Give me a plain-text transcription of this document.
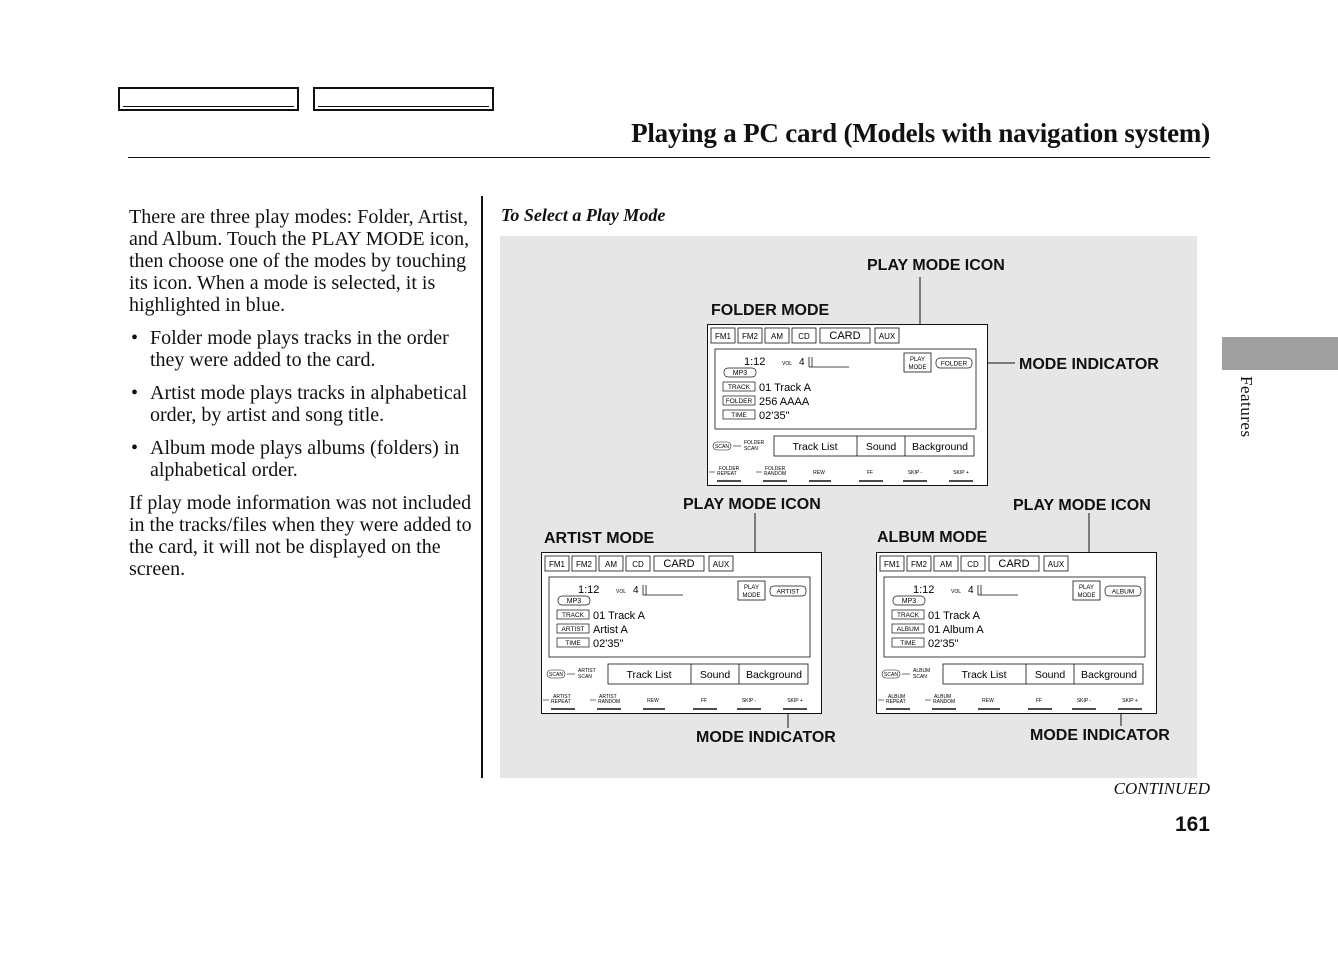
Playing a PC card (Models with navigation system)

There are three play modes: Folder, Artist, and Album. Touch the PLAY MODE icon, then choose one of the modes by touching its icon. When a mode is selected, it is highlighted in blue.

• Folder mode plays tracks in the order they were added to the card.
• Artist mode plays tracks in alphabetical order, by artist and song title.
• Album mode plays albums (folders) in alphabetical order.

If play mode information was not included in the tracks/files when they were added to the card, it will not be displayed on the screen.

To Select a Play Mode
PLAY MODE ICON
FOLDER MODE
MODE INDICATOR
PLAY MODE ICON	PLAY MODE ICON
ARTIST MODE	ALBUM MODE
MODE INDICATOR	MODE INDICATOR
FM1 FM2 AM CD CARD AUX
1:12	VOL 4
MP3
PLAY
MODE
FOLDER
TRACK 01 Track A
FOLDER 256 AAAA
TIME 02'35"
SCAN
FOLDER
SCAN	Track List	Sound Background
FOLDER
REPEAT
FOLDER
RANDOM	REW	FF	SKIP -	SKIP +
FM1 FM2 AM CD CARD AUX
1:12	VOL 4
MP3
PLAY
MODE
ARTIST
TRACK 01 Track A
ARTIST Artist A
TIME 02'35"
SCAN
ARTIST
SCAN	Track List	Sound Background
ARTIST
REPEAT
ARTIST
RANDOM	REW	FF	SKIP -	SKIP +
FM1 FM2 AM CD CARD AUX
1:12	VOL 4
MP3
PLAY
MODE
ALBUM
TRACK 01 Track A
ALBUM 01 Album A
TIME 02'35"
SCAN
ALBUM
SCAN	Track List	Sound Background
ALBUM
REPEAT
ALBUM
RANDOM	REW	FF	SKIP -	SKIP +
CONTINUED
161
Features
